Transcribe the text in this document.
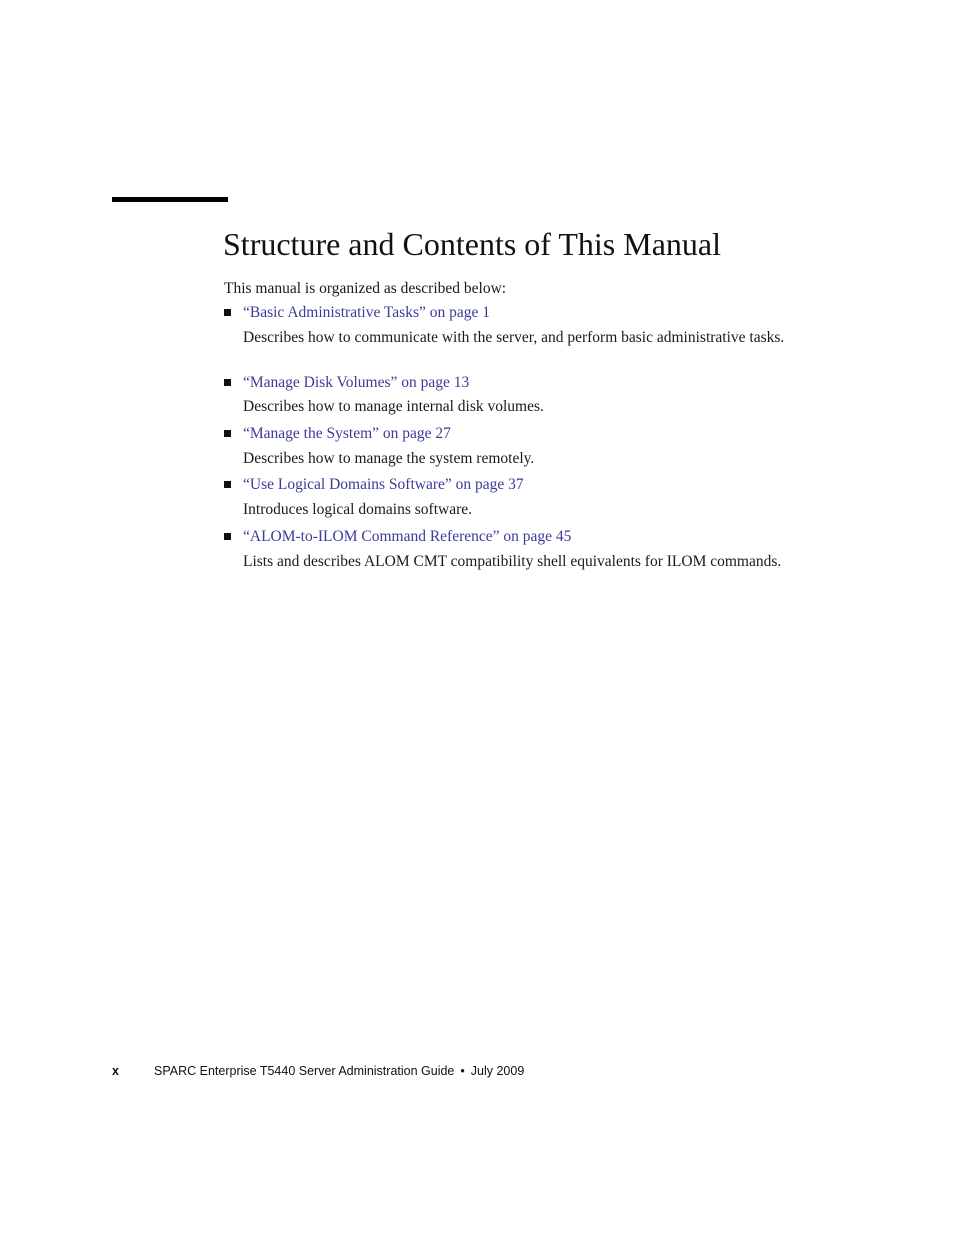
Structure and Contents of This Manual
This manual is organized as described below:
“Basic Administrative Tasks” on page 1
Describes how to communicate with the server, and perform basic administrative tasks.
“Manage Disk Volumes” on page 13
Describes how to manage internal disk volumes.
“Manage the System” on page 27
Describes how to manage the system remotely.
“Use Logical Domains Software” on page 37
Introduces logical domains software.
“ALOM-to-ILOM Command Reference” on page 45
Lists and describes ALOM CMT compatibility shell equivalents for ILOM commands.
x	SPARC Enterprise T5440 Server Administration Guide • July 2009
